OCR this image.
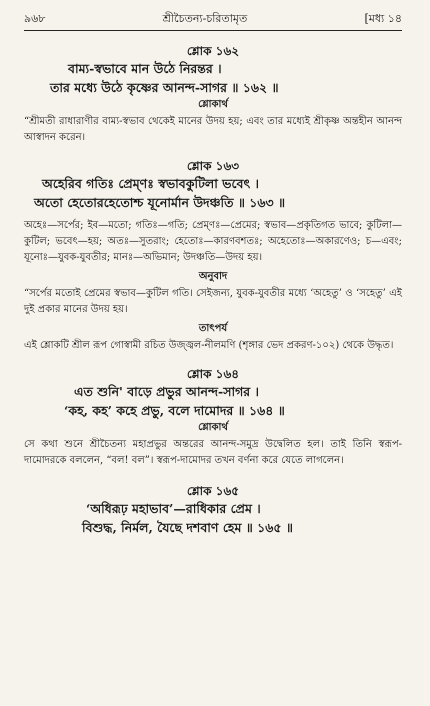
৯৬৮	শ্রীচৈতন্য-চরিতামৃত	[মধ্য ১৪
শ্লোক ১৬২
বাম্য-স্বভাবে মান উঠে নিরন্তর ।
তার মধ্যে উঠে কৃষ্ণের আনন্দ-সাগর ॥ ১৬২ ॥
শ্লোকার্থ

“শ্রীমতী রাধারাণীর বাম্য-স্বভাব থেকেই মানের উদয় হয়; এবং তার মধ্যেই শ্রীকৃষ্ণ অন্তহীন আনন্দ আস্বাদন করেন।

শ্লোক ১৬৩
অহেরিব গতিঃ প্রেম্ণঃ স্বভাবকুটিলা ভবেৎ ।
অতো হেতোরহেতোশ্চ যূনোর্মান উদঞ্চতি ॥ ১৬৩ ॥

অহেঃ—সর্পের; ইব—মতো; গতিঃ—গতি; প্রেম্ণঃ—প্রেমের; স্বভাব—প্রকৃতিগত ভাবে; কুটিলা—কুটিল; ভবেৎ—হয়; অতঃ—সুতরাং; হেতোঃ—কারণবশতঃ; অহেতোঃ—অকারণেও; চ—এবং; যূনোঃ—যুবক-যুবতীর; মানঃ—অভিমান; উদঞ্চতি—উদয় হয়।

অনুবাদ

“সর্পের মতোই প্রেমের স্বভাব—কুটিল গতি। সেইজন্য, যুবক-যুবতীর মধ্যে ‘অহেতু’ ও ‘সহেতু’ এই দুই প্রকার মানের উদয় হয়।

তাৎপর্য

এই শ্লোকটি শ্রীল রূপ গোস্বামী রচিত উজ্জ্বল-নীলমণি (শৃঙ্গার ভেদ প্রকরণ-১০২) থেকে উদ্ধৃত।

শ্লোক ১৬৪
এত শুনি' বাড়ে প্রভুর আনন্দ-সাগর ।
‘কহ, কহ’ কহে প্রভু, বলে দামোদর ॥ ১৬৪ ॥
শ্লোকার্থ

সে কথা শুনে শ্রীচৈতন্য মহাপ্রভুর অন্তরের আনন্দ-সমুদ্র উদ্বেলিত হল। তাই তিনি স্বরূপ-দামোদরকে বললেন, “বল! বল”। স্বরূপ-দামোদর তখন বর্ণনা করে যেতে লাগলেন।

শ্লোক ১৬৫
‘অধিরূঢ় মহাভাব’—রাধিকার প্রেম ।
বিশুদ্ধ, নির্মল, যৈছে দশবাণ হেম ॥ ১৬৫ ॥
